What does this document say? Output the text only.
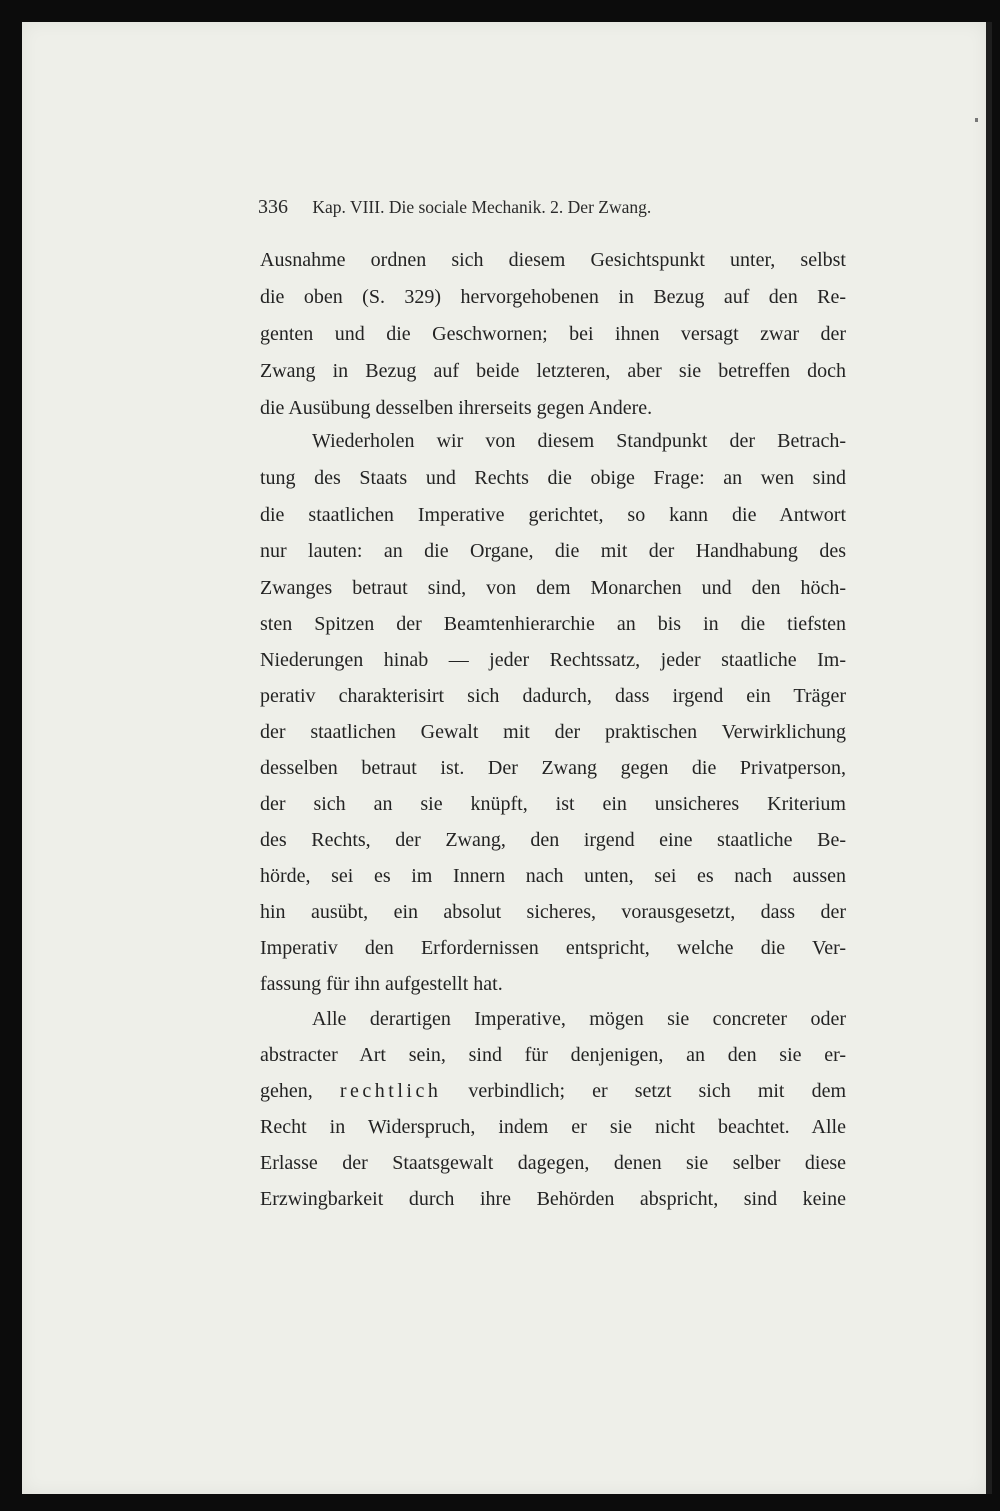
336 Kap. VIII. Die sociale Mechanik. 2. Der Zwang.
Ausnahme ordnen sich diesem Gesichtspunkt unter, selbst
die oben (S. 329) hervorgehobenen in Bezug auf den Re-
genten und die Geschwornen; bei ihnen versagt zwar der
Zwang in Bezug auf beide letzteren, aber sie betreffen doch
die Ausübung desselben ihrerseits gegen Andere.
Wiederholen wir von diesem Standpunkt der Betrach-
tung des Staats und Rechts die obige Frage: an wen sind
die staatlichen Imperative gerichtet, so kann die Antwort
nur lauten: an die Organe, die mit der Handhabung des
Zwanges betraut sind, von dem Monarchen und den höch-
sten Spitzen der Beamtenhierarchie an bis in die tiefsten
Niederungen hinab — jeder Rechtssatz, jeder staatliche Im-
perativ charakterisirt sich dadurch, dass irgend ein Träger
der staatlichen Gewalt mit der praktischen Verwirklichung
desselben betraut ist. Der Zwang gegen die Privatperson,
der sich an sie knüpft, ist ein unsicheres Kriterium
des Rechts, der Zwang, den irgend eine staatliche Be-
hörde, sei es im Innern nach unten, sei es nach aussen
hin ausübt, ein absolut sicheres, vorausgesetzt, dass der
Imperativ den Erfordernissen entspricht, welche die Ver-
fassung für ihn aufgestellt hat.
Alle derartigen Imperative, mögen sie concreter oder
abstracter Art sein, sind für denjenigen, an den sie er-
gehen, rechtlich verbindlich; er setzt sich mit dem
Recht in Widerspruch, indem er sie nicht beachtet. Alle
Erlasse der Staatsgewalt dagegen, denen sie selber diese
Erzwingbarkeit durch ihre Behörden abspricht, sind keine
